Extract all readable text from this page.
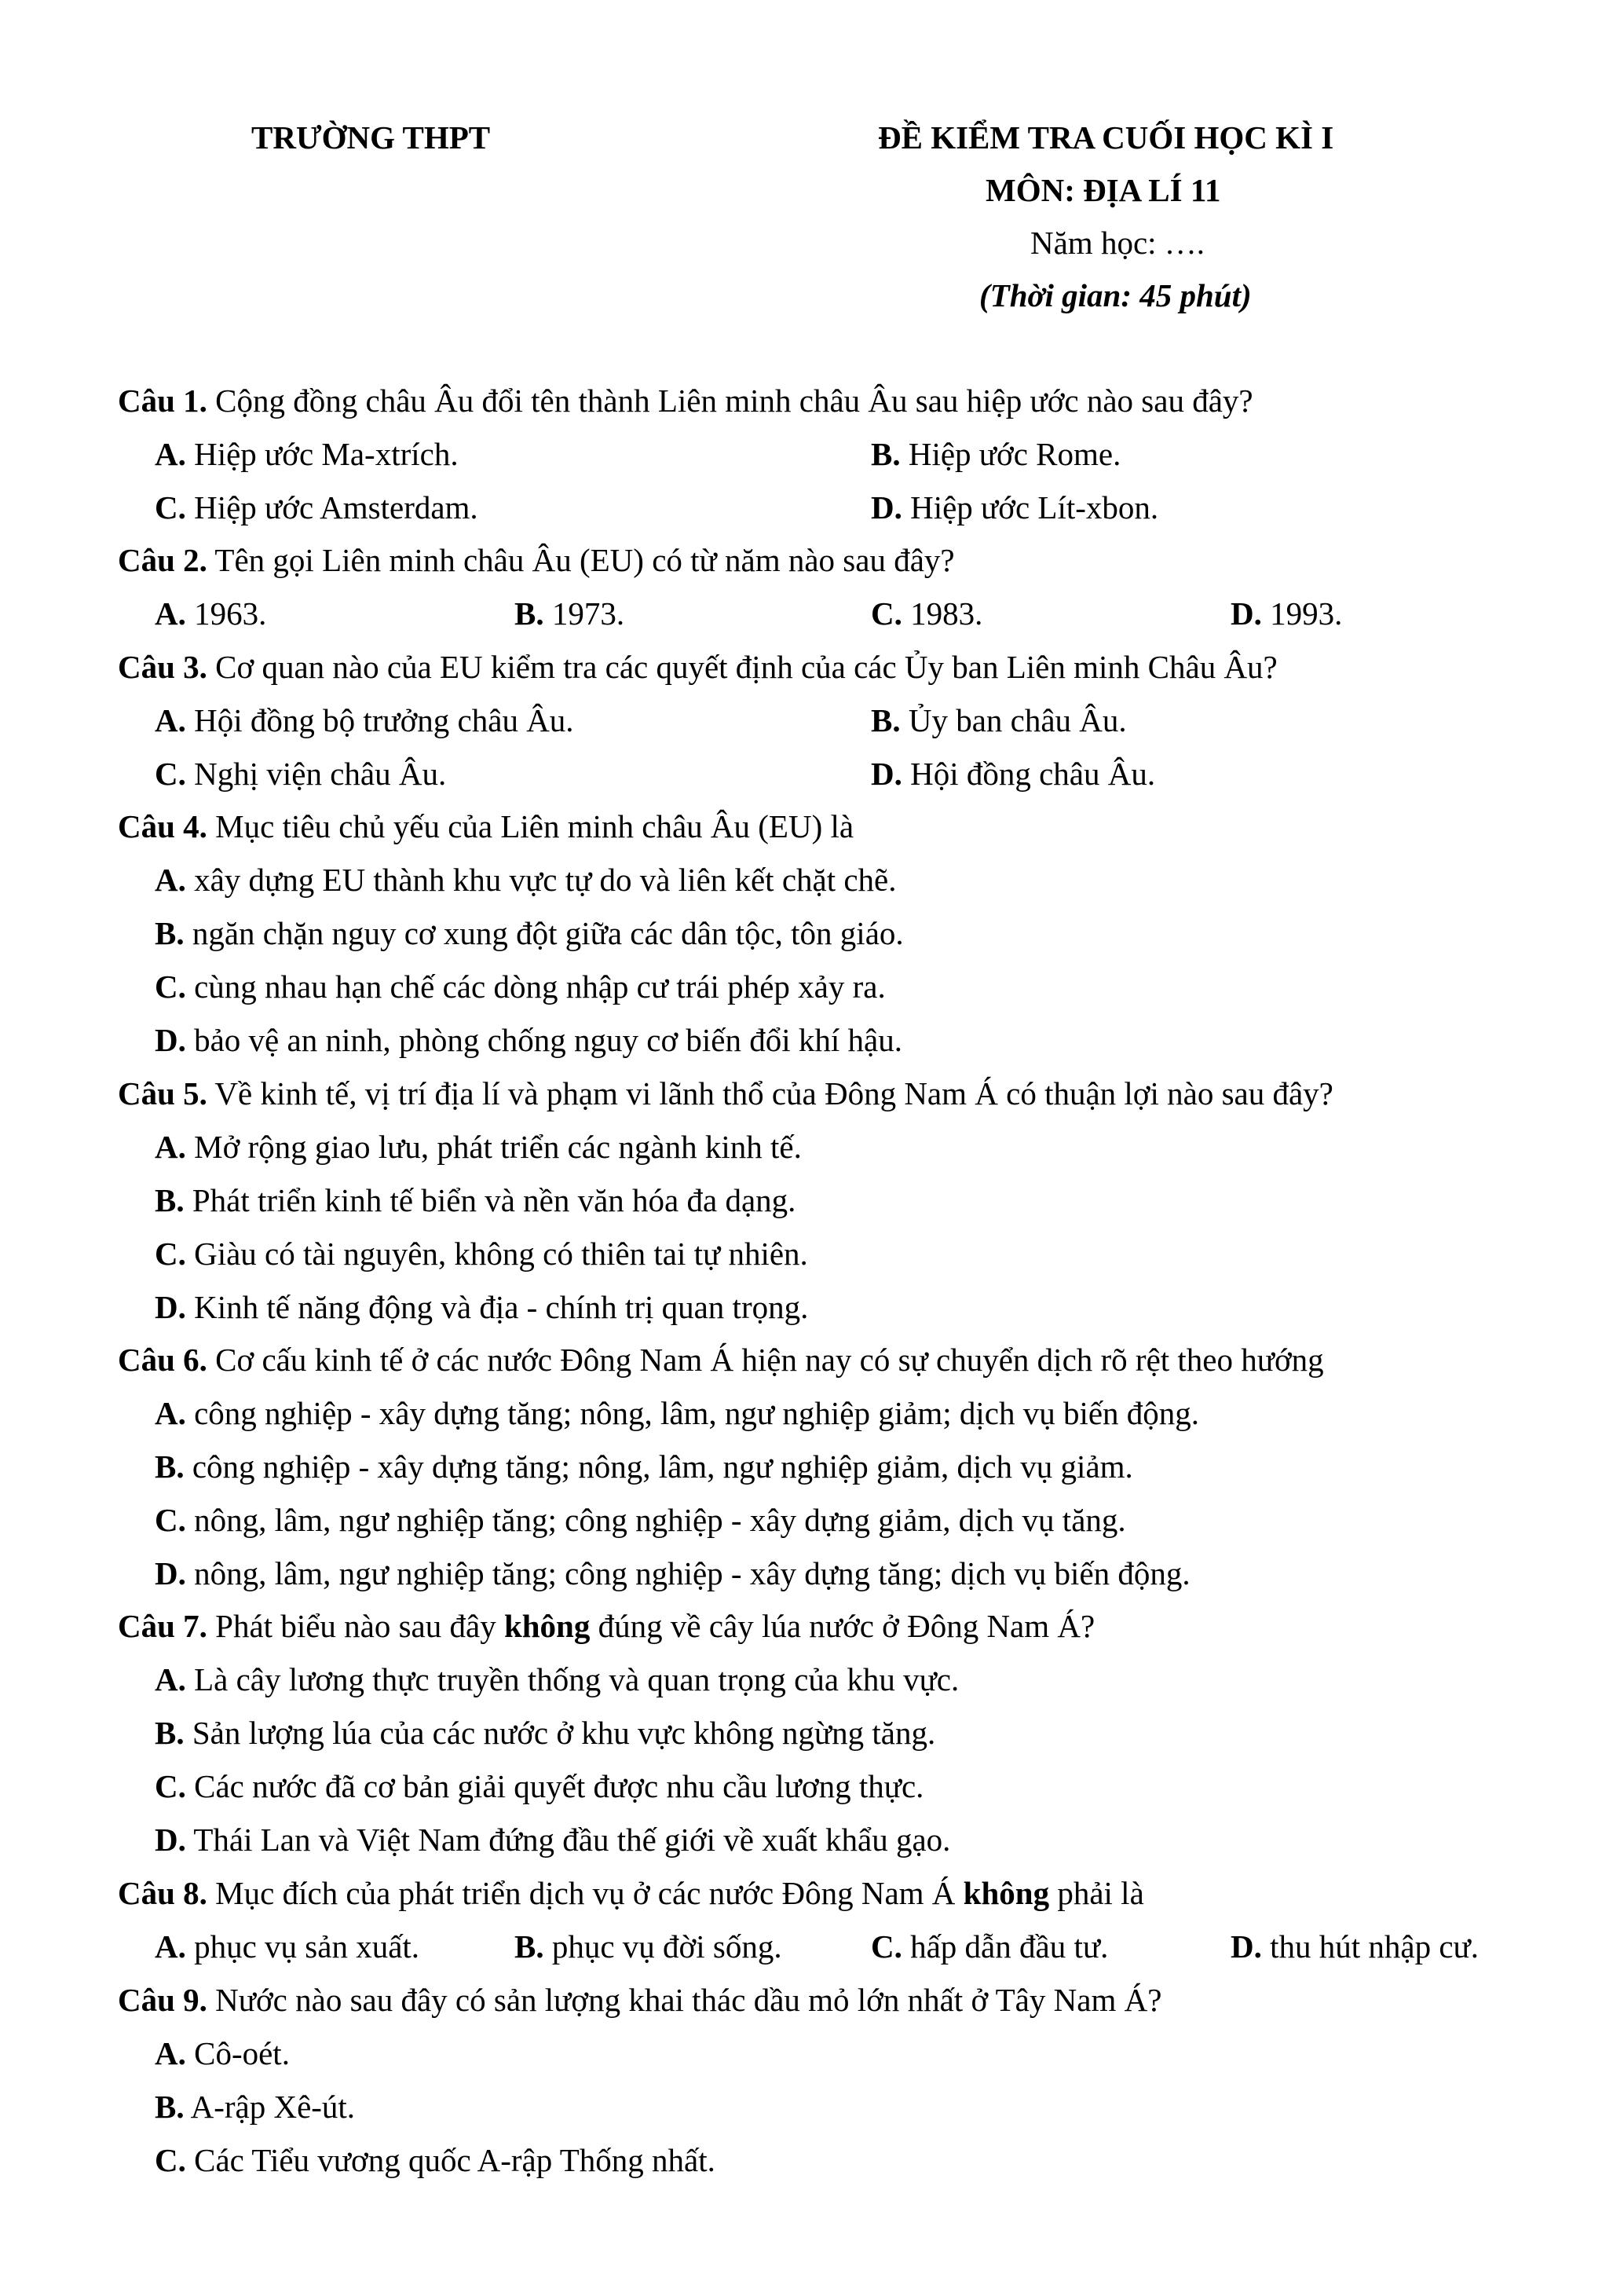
TRƯỜNG THPT	ĐỀ KIỂM TRA CUỐI HỌC KÌ I
MÔN: ĐỊA LÍ 11
Năm học: ….
(Thời gian: 45 phút)
Câu 1. Cộng đồng châu Âu đổi tên thành Liên minh châu Âu sau hiệp ước nào sau đây?
A. Hiệp ước Ma-xtrích.	B. Hiệp ước Rome.
C. Hiệp ước Amsterdam.	D. Hiệp ước Lít-xbon.
Câu 2. Tên gọi Liên minh châu Âu (EU) có từ năm nào sau đây?
A. 1963.	B. 1973.	C. 1983.	D. 1993.
Câu 3. Cơ quan nào của EU kiểm tra các quyết định của các Ủy ban Liên minh Châu Âu?
A. Hội đồng bộ trưởng châu Âu.	B. Ủy ban châu Âu.
C. Nghị viện châu Âu.	D. Hội đồng châu Âu.
Câu 4. Mục tiêu chủ yếu của Liên minh châu Âu (EU) là
A. xây dựng EU thành khu vực tự do và liên kết chặt chẽ.
B. ngăn chặn nguy cơ xung đột giữa các dân tộc, tôn giáo.
C. cùng nhau hạn chế các dòng nhập cư trái phép xảy ra.
D. bảo vệ an ninh, phòng chống nguy cơ biến đổi khí hậu.
Câu 5. Về kinh tế, vị trí địa lí và phạm vi lãnh thổ của Đông Nam Á có thuận lợi nào sau đây?
A. Mở rộng giao lưu, phát triển các ngành kinh tế.
B. Phát triển kinh tế biển và nền văn hóa đa dạng.
C. Giàu có tài nguyên, không có thiên tai tự nhiên.
D. Kinh tế năng động và địa - chính trị quan trọng.
Câu 6. Cơ cấu kinh tế ở các nước Đông Nam Á hiện nay có sự chuyển dịch rõ rệt theo hướng
A. công nghiệp - xây dựng tăng; nông, lâm, ngư nghiệp giảm; dịch vụ biến động.
B. công nghiệp - xây dựng tăng; nông, lâm, ngư nghiệp giảm, dịch vụ giảm.
C. nông, lâm, ngư nghiệp tăng; công nghiệp - xây dựng giảm, dịch vụ tăng.
D. nông, lâm, ngư nghiệp tăng; công nghiệp - xây dựng tăng; dịch vụ biến động.
Câu 7. Phát biểu nào sau đây không đúng về cây lúa nước ở Đông Nam Á?
A. Là cây lương thực truyền thống và quan trọng của khu vực.
B. Sản lượng lúa của các nước ở khu vực không ngừng tăng.
C. Các nước đã cơ bản giải quyết được nhu cầu lương thực.
D. Thái Lan và Việt Nam đứng đầu thế giới về xuất khẩu gạo.
Câu 8. Mục đích của phát triển dịch vụ ở các nước Đông Nam Á không phải là
A. phục vụ sản xuất.	B. phục vụ đời sống.	C. hấp dẫn đầu tư.	D. thu hút nhập cư.
Câu 9. Nước nào sau đây có sản lượng khai thác dầu mỏ lớn nhất ở Tây Nam Á?
A. Cô-oét.
B. A-rập Xê-út.
C. Các Tiểu vương quốc A-rập Thống nhất.
